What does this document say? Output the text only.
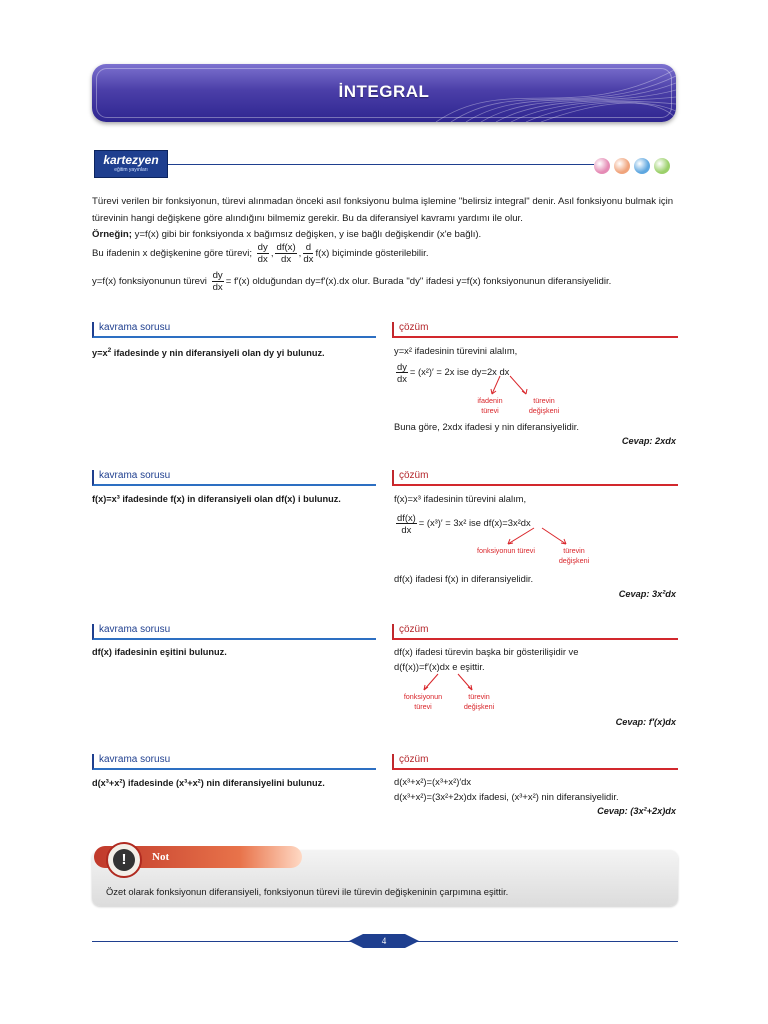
İNTEGRAL
kartezyen
eğitim yayınları
Türevi verilen bir fonksiyonun, türevi alınmadan önceki asıl fonksiyonu bulma işlemine "belirsiz integral" denir. Asıl fonksiyonu bulmak için türevinin hangi değişkene göre alındığını bilmemiz gerekir. Bu da diferansiyel kavramı yardımı ile olur.
Örneğin; y=f(x) gibi bir fonksiyonda x bağımsız değişken, y ise bağlı değişkendir (x'e bağlı).
Bu ifadenin x değişkenine göre türevi; $\frac{dy}{dx}$ , $\frac{df(x)}{dx}$ , $\frac{d}{dx} f(x)$ biçiminde gösterilebilir.
y=f(x) fonksiyonunun türevi $\frac{dy}{dx} = f'(x)$ olduğundan dy=f′(x).dx olur. Burada "dy" ifadesi y=f(x) fonksiyonunun diferansiyelidir.
kavrama sorusu	çözüm
$y=x^2$ ifadesinde y nin diferansiyeli olan dy yi bulunuz.	y=x² ifadesinin türevini alalım,
$\frac{dy}{dx} = (x^2)' = 2x$ ise dy=2x dx
ifadenin türevi
türevin değişkeni
Buna göre, 2xdx ifadesi y nin diferansiyelidir.
Cevap: 2xdx
kavrama sorusu	çözüm
f(x)=x³ ifadesinde f(x) in diferansiyeli olan df(x) i bulunuz.	f(x)=x³ ifadesinin türevini alalım,
$\frac{df(x)}{dx} = (x^3)' = 3x^2$ ise df(x)=3x²dx
fonksiyonun türevi	türevin değişkeni
df(x) ifadesi f(x) in diferansiyelidir.
Cevap: 3x²dx
kavrama sorusu	çözüm
df(x) ifadesinin eşitini bulunuz.	df(x) ifadesi türevin başka bir gösterilişidir ve
d(f(x))=f′(x)dx e eşittir.
fonksiyonun türevi
türevin değişkeni
Cevap: f′(x)dx
kavrama sorusu	çözüm
d(x³+x²) ifadesinde (x³+x²) nin diferansiyelini bulunuz.	d(x³+x²)=(x³+x²)′dx
d(x³+x²)=(3x²+2x)dx ifadesi, (x³+x²) nin diferansiyelidir.
Cevap: (3x²+2x)dx
!	Not
Özet olarak fonksiyonun diferansiyeli, fonksiyonun türevi ile türevin değişkeninin çarpımına eşittir.
4
